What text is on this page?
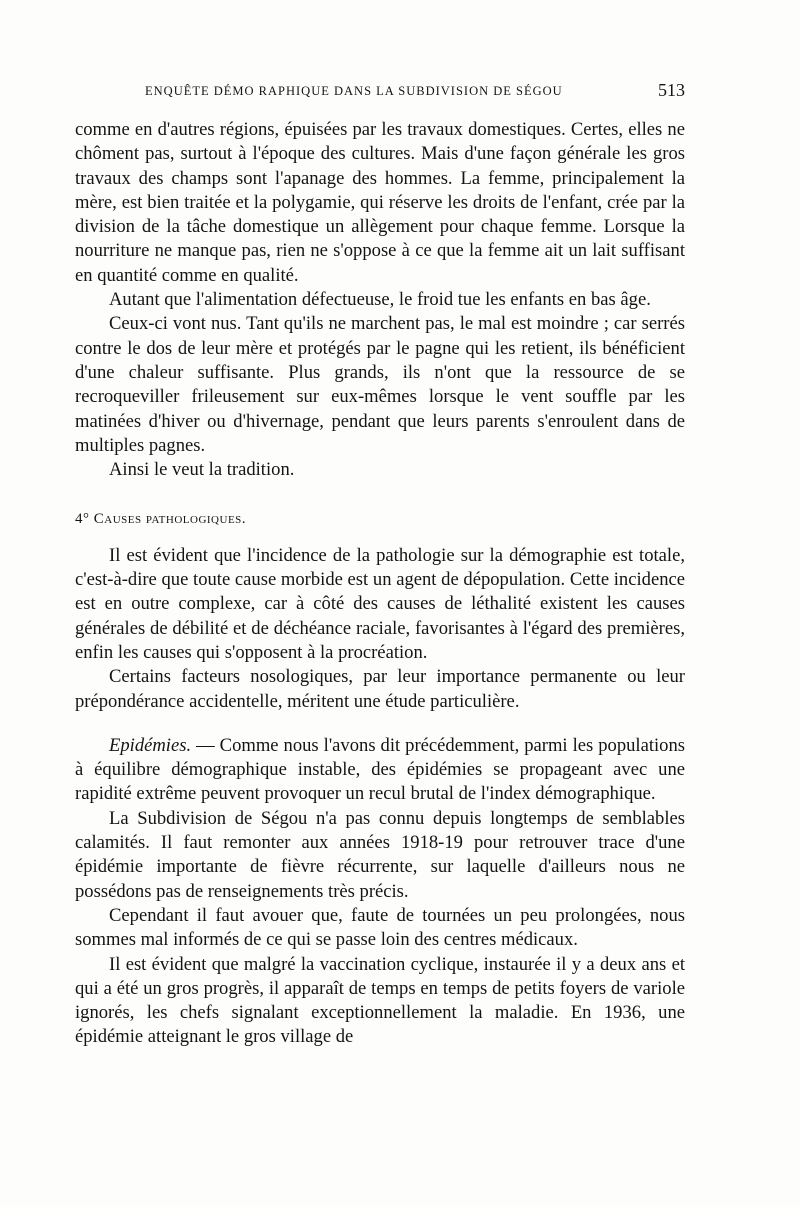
ENQUÊTE DÉMO RAPHIQUE DANS LA SUBDIVISION DE SÉGOU	513

comme en d'autres régions, épuisées par les travaux domestiques. Certes, elles ne chôment pas, surtout à l'époque des cultures. Mais d'une façon générale les gros travaux des champs sont l'apanage des hommes. La femme, principalement la mère, est bien traitée et la polygamie, qui réserve les droits de l'enfant, crée par la division de la tâche domestique un allègement pour chaque femme. Lorsque la nourriture ne manque pas, rien ne s'oppose à ce que la femme ait un lait suffisant en quantité comme en qualité.

Autant que l'alimentation défectueuse, le froid tue les enfants en bas âge.

Ceux-ci vont nus. Tant qu'ils ne marchent pas, le mal est moindre ; car serrés contre le dos de leur mère et protégés par le pagne qui les retient, ils bénéficient d'une chaleur suffisante. Plus grands, ils n'ont que la ressource de se recroqueviller frileusement sur eux-mêmes lorsque le vent souffle par les matinées d'hiver ou d'hivernage, pendant que leurs parents s'enroulent dans de multiples pagnes.

Ainsi le veut la tradition.

4° Causes pathologiques.

Il est évident que l'incidence de la pathologie sur la démographie est totale, c'est-à-dire que toute cause morbide est un agent de dépopulation. Cette incidence est en outre complexe, car à côté des causes de léthalité existent les causes générales de débilité et de déchéance raciale, favorisantes à l'égard des premières, enfin les causes qui s'opposent à la procréation.

Certains facteurs nosologiques, par leur importance permanente ou leur prépondérance accidentelle, méritent une étude particulière.

Epidémies. — Comme nous l'avons dit précédemment, parmi les populations à équilibre démographique instable, des épidémies se propageant avec une rapidité extrême peuvent provoquer un recul brutal de l'index démographique.

La Subdivision de Ségou n'a pas connu depuis longtemps de semblables calamités. Il faut remonter aux années 1918-19 pour retrouver trace d'une épidémie importante de fièvre récurrente, sur laquelle d'ailleurs nous ne possédons pas de renseignements très précis.

Cependant il faut avouer que, faute de tournées un peu prolongées, nous sommes mal informés de ce qui se passe loin des centres médicaux.

Il est évident que malgré la vaccination cyclique, instaurée il y a deux ans et qui a été un gros progrès, il apparaît de temps en temps de petits foyers de variole ignorés, les chefs signalant exceptionnellement la maladie. En 1936, une épidémie atteignant le gros village de
